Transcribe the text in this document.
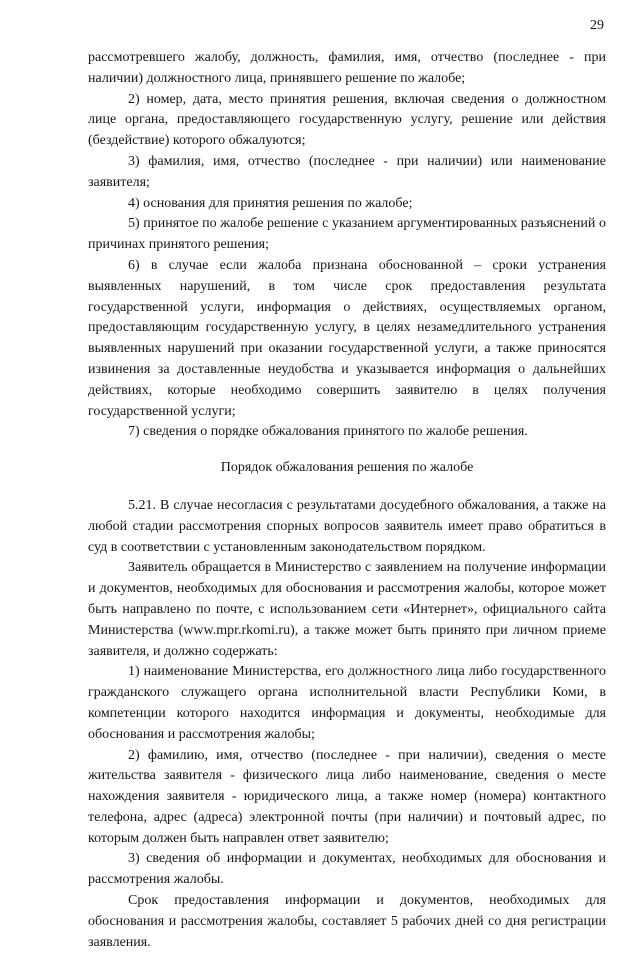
29

рассмотревшего жалобу, должность, фамилия, имя, отчество (последнее - при наличии) должностного лица, принявшего решение по жалобе;

2) номер, дата, место принятия решения, включая сведения о должностном лице органа, предоставляющего государственную услугу, решение или действия (бездействие) которого обжалуются;

3) фамилия, имя, отчество (последнее - при наличии) или наименование заявителя;

4) основания для принятия решения по жалобе;

5) принятое по жалобе решение с указанием аргументированных разъяснений о причинах принятого решения;

6) в случае если жалоба признана обоснованной – сроки устранения выявленных нарушений, в том числе срок предоставления результата государственной услуги, информация о действиях, осуществляемых органом, предоставляющим государственную услугу, в целях незамедлительного устранения выявленных нарушений при оказании государственной услуги, а также приносятся извинения за доставленные неудобства и указывается информация о дальнейших действиях, которые необходимо совершить заявителю в целях получения государственной услуги;

7) сведения о порядке обжалования принятого по жалобе решения.

Порядок обжалования решения по жалобе

5.21. В случае несогласия с результатами досудебного обжалования, а также на любой стадии рассмотрения спорных вопросов заявитель имеет право обратиться в суд в соответствии с установленным законодательством порядком.

Заявитель обращается в Министерство с заявлением на получение информации и документов, необходимых для обоснования и рассмотрения жалобы, которое может быть направлено по почте, с использованием сети «Интернет», официального сайта Министерства (www.mpr.rkomi.ru), а также может быть принято при личном приеме заявителя, и должно содержать:

1) наименование Министерства, его должностного лица либо государственного гражданского служащего органа исполнительной власти Республики Коми, в компетенции которого находится информация и документы, необходимые для обоснования и рассмотрения жалобы;

2) фамилию, имя, отчество (последнее - при наличии), сведения о месте жительства заявителя - физического лица либо наименование, сведения о месте нахождения заявителя - юридического лица, а также номер (номера) контактного телефона, адрес (адреса) электронной почты (при наличии) и почтовый адрес, по которым должен быть направлен ответ заявителю;

3) сведения об информации и документах, необходимых для обоснования и рассмотрения жалобы.

Срок предоставления информации и документов, необходимых для обоснования и рассмотрения жалобы, составляет 5 рабочих дней со дня регистрации заявления.
